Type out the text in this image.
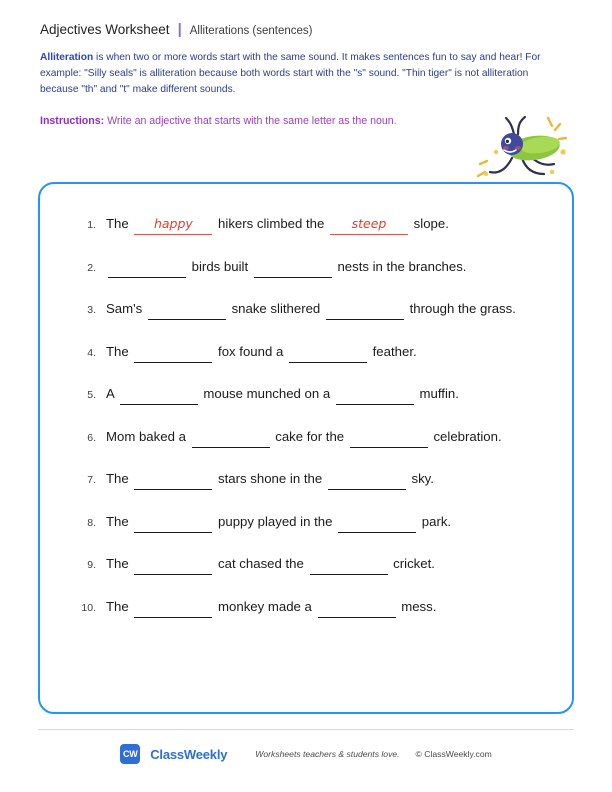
Adjectives Worksheet | Alliterations (sentences)
Alliteration is when two or more words start with the same sound. It makes sentences fun to say and hear! For example: "Silly seals" is alliteration because both words start with the "s" sound. "Thin tiger" is not alliteration because "th" and "t" make different sounds.
Instructions: Write an adjective that starts with the same letter as the noun.
1. The happy hikers climbed the steep slope.
2.	birds built	nests in the branches.
3. Sam's	snake slithered	through the grass.
4. The	fox found a	feather.
5. A	mouse munched on a	muffin.
6. Mom baked a	cake for the	celebration.
7. The	stars shone in the	sky.
8. The	puppy played in the	park.
9. The	cat chased the	cricket.
10. The	monkey made a	mess.
CW ClassWeekly	Worksheets teachers & students love. © ClassWeekly.com
